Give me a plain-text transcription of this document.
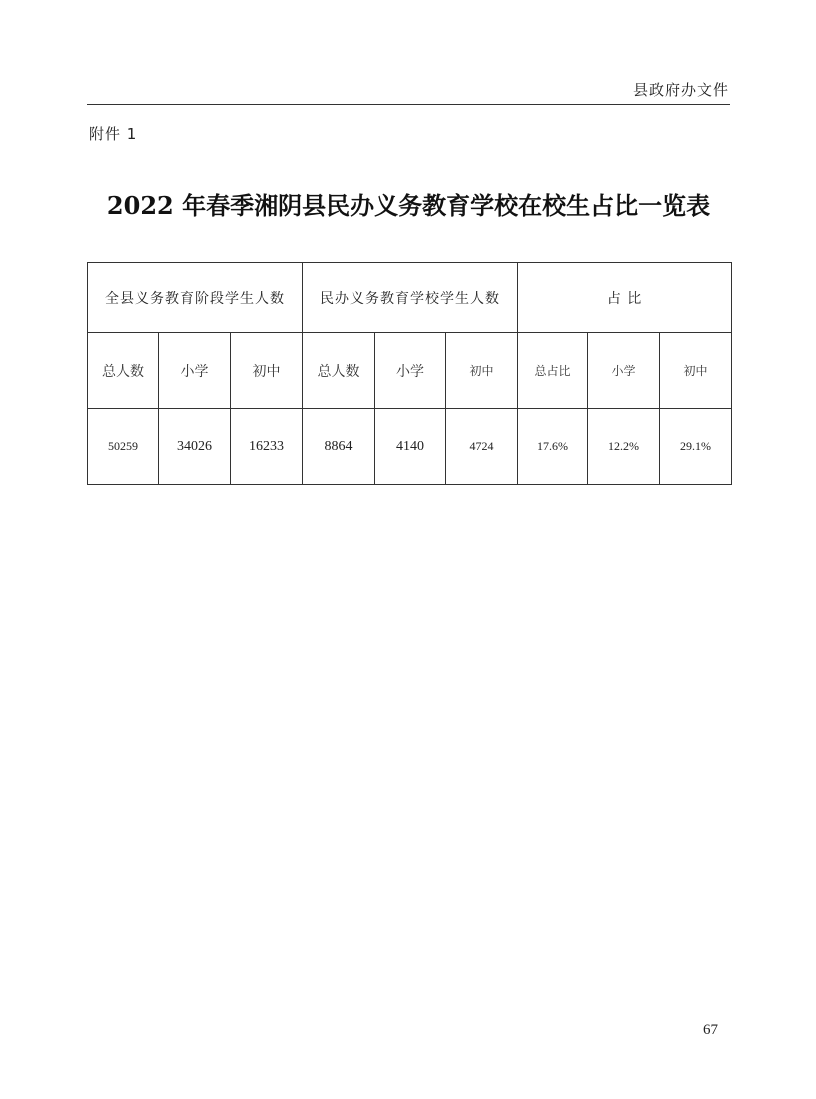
县政府办文件
附件 1
2022 年春季湘阴县民办义务教育学校在校生占比一览表
全县义务教育阶段学生人数			民办义务教育学校学生人数			占 比		
总人数	小学	初中	总人数	小学	初中	总占比	小学	初中
50259	34026	16233	8864	4140	4724	17.6%	12.2%	29.1%
67
